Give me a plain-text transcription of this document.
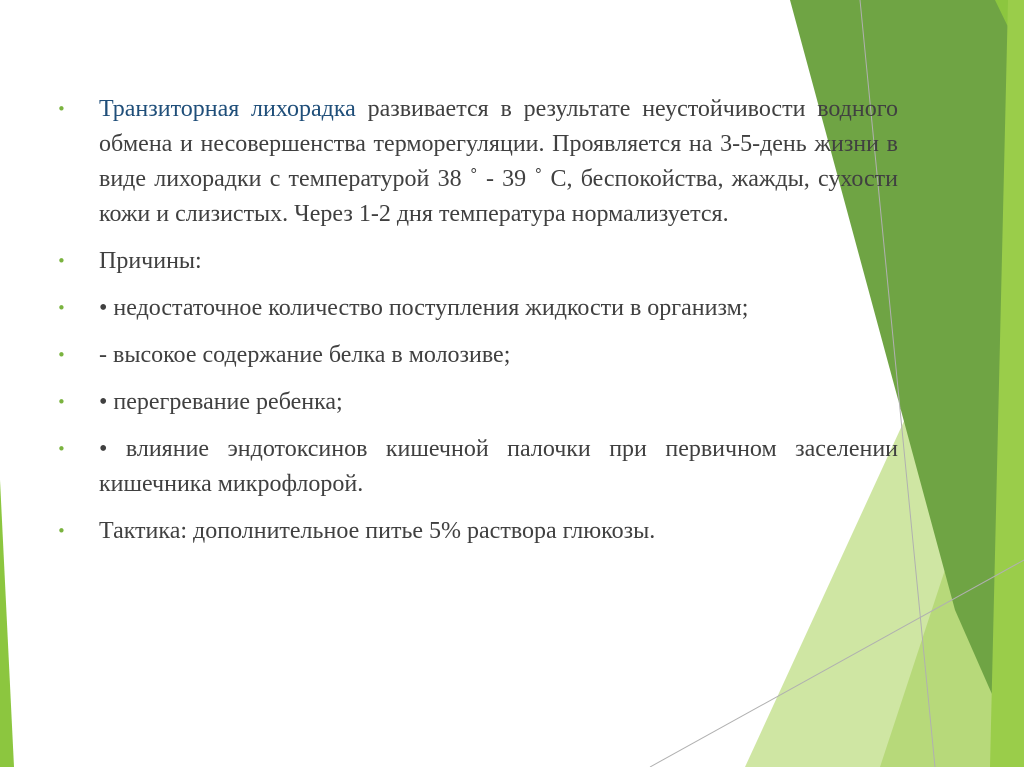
•	Транзиторная лихорадка развивается в результате неустойчивости водного обмена и несовершенства терморегуляции. Проявляется на 3-5-день жизни в виде лихорадки с температурой 38 ˚ - 39 ˚ С, беспокойства, жажды, сухости кожи и слизистых. Через 1-2 дня температура нормализуется.
•	Причины:
•	• недостаточное количество поступления жидкости в организм;
•	- высокое содержание белка в молозиве;
•	• перегревание ребенка;
•	• влияние эндотоксинов кишечной палочки при первичном заселении кишечника микрофлорой.
•	Тактика: дополнительное питье 5% раствора глюкозы.
